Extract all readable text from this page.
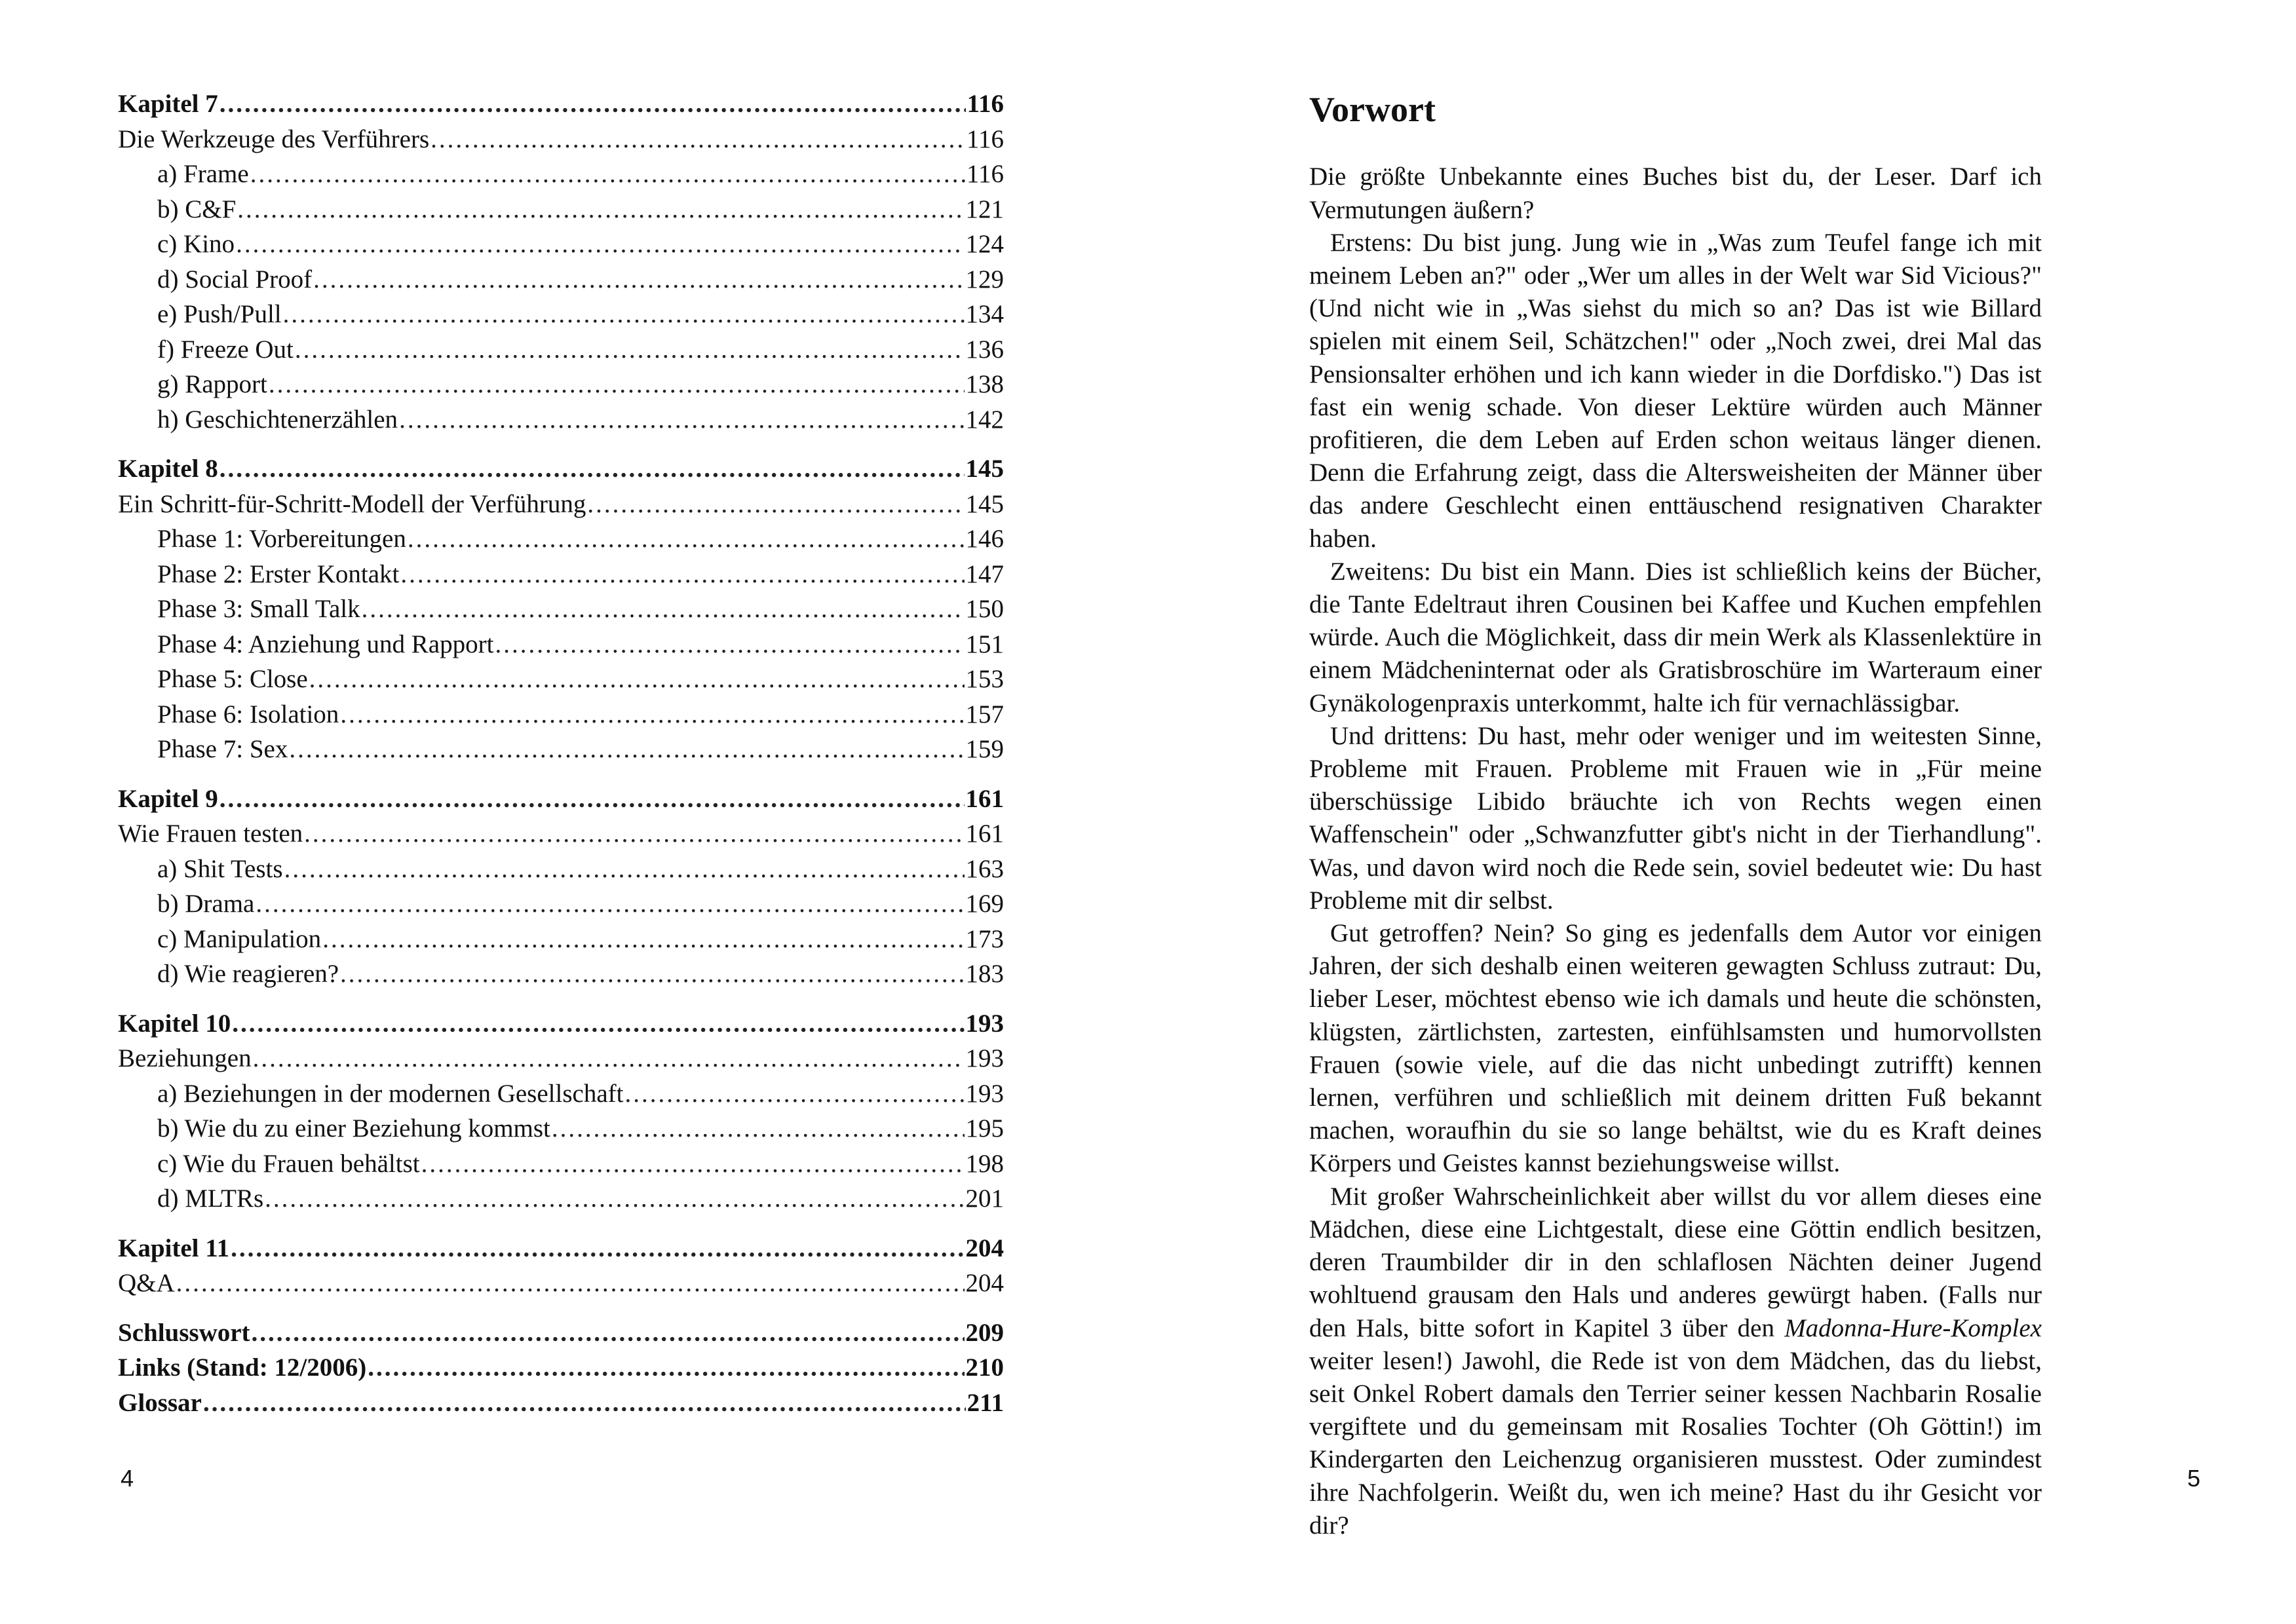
Kapitel 7 .....	116
Die Werkzeuge des Verführers .....	116
a) Frame .....	116
b) C&F .....	121
c) Kino .....	124
d) Social Proof .....	129
e) Push/Pull .....	134
f) Freeze Out .....	136
g) Rapport .....	138
h) Geschichtenerzählen .....	142
Kapitel 8 .....	145
Ein Schritt-für-Schritt-Modell der Verführung .....	145
Phase 1: Vorbereitungen .....	146
Phase 2: Erster Kontakt .....	147
Phase 3: Small Talk .....	150
Phase 4: Anziehung und Rapport .....	151
Phase 5: Close .....	153
Phase 6: Isolation .....	157
Phase 7: Sex .....	159
Kapitel 9 .....	161
Wie Frauen testen .....	161
a) Shit Tests .....	163
b) Drama .....	169
c) Manipulation .....	173
d) Wie reagieren? .....	183
Kapitel 10 .....	193
Beziehungen .....	193
a) Beziehungen in der modernen Gesellschaft .....	193
b) Wie du zu einer Beziehung kommst .....	195
c) Wie du Frauen behältst .....	198
d) MLTRs .....	201
Kapitel 11 .....	204
Q&A .....	204
Schlusswort .....	209
Links (Stand: 12/2006) .....	210
Glossar .....	211
4
Vorwort

Die größte Unbekannte eines Buches bist du, der Leser. Darf ich Vermutungen äußern?

Erstens: Du bist jung. Jung wie in „Was zum Teufel fange ich mit meinem Leben an?" oder „Wer um alles in der Welt war Sid Vicious?" (Und nicht wie in „Was siehst du mich so an? Das ist wie Billard spielen mit einem Seil, Schätzchen!" oder „Noch zwei, drei Mal das Pensionsalter erhöhen und ich kann wieder in die Dorfdisko.") Das ist fast ein wenig schade. Von dieser Lektüre würden auch Männer profitieren, die dem Leben auf Erden schon weitaus länger dienen. Denn die Erfahrung zeigt, dass die Altersweisheiten der Männer über das andere Geschlecht einen enttäuschend resignativen Charakter haben.

Zweitens: Du bist ein Mann. Dies ist schließlich keins der Bücher, die Tante Edeltraut ihren Cousinen bei Kaffee und Kuchen empfehlen würde. Auch die Möglichkeit, dass dir mein Werk als Klassenlektüre in einem Mädcheninternat oder als Gratisbroschüre im Warteraum einer Gynäkologenpraxis unterkommt, halte ich für vernachlässigbar.

Und drittens: Du hast, mehr oder weniger und im weitesten Sinne, Probleme mit Frauen. Probleme mit Frauen wie in „Für meine überschüssige Libido bräuchte ich von Rechts wegen einen Waffenschein" oder „Schwanzfutter gibt's nicht in der Tierhandlung". Was, und davon wird noch die Rede sein, soviel bedeutet wie: Du hast Probleme mit dir selbst.

Gut getroffen? Nein? So ging es jedenfalls dem Autor vor einigen Jahren, der sich deshalb einen weiteren gewagten Schluss zutraut: Du, lieber Leser, möchtest ebenso wie ich damals und heute die schönsten, klügsten, zärtlichsten, zartesten, einfühlsamsten und humorvollsten Frauen (sowie viele, auf die das nicht unbedingt zutrifft) kennen lernen, verführen und schließlich mit deinem dritten Fuß bekannt machen, woraufhin du sie so lange behältst, wie du es Kraft deines Körpers und Geistes kannst beziehungsweise willst.

Mit großer Wahrscheinlichkeit aber willst du vor allem dieses eine Mädchen, diese eine Lichtgestalt, diese eine Göttin endlich besitzen, deren Traumbilder dir in den schlaflosen Nächten deiner Jugend wohltuend grausam den Hals und anderes gewürgt haben. (Falls nur den Hals, bitte sofort in Kapitel 3 über den Madonna-Hure-Komplex weiter lesen!) Jawohl, die Rede ist von dem Mädchen, das du liebst, seit Onkel Robert damals den Terrier seiner kessen Nachbarin Rosalie vergiftete und du gemeinsam mit Rosalies Tochter (Oh Göttin!) im Kindergarten den Leichenzug organisieren musstest. Oder zumindest ihre Nachfolgerin. Weißt du, wen ich meine? Hast du ihr Gesicht vor dir?

5
